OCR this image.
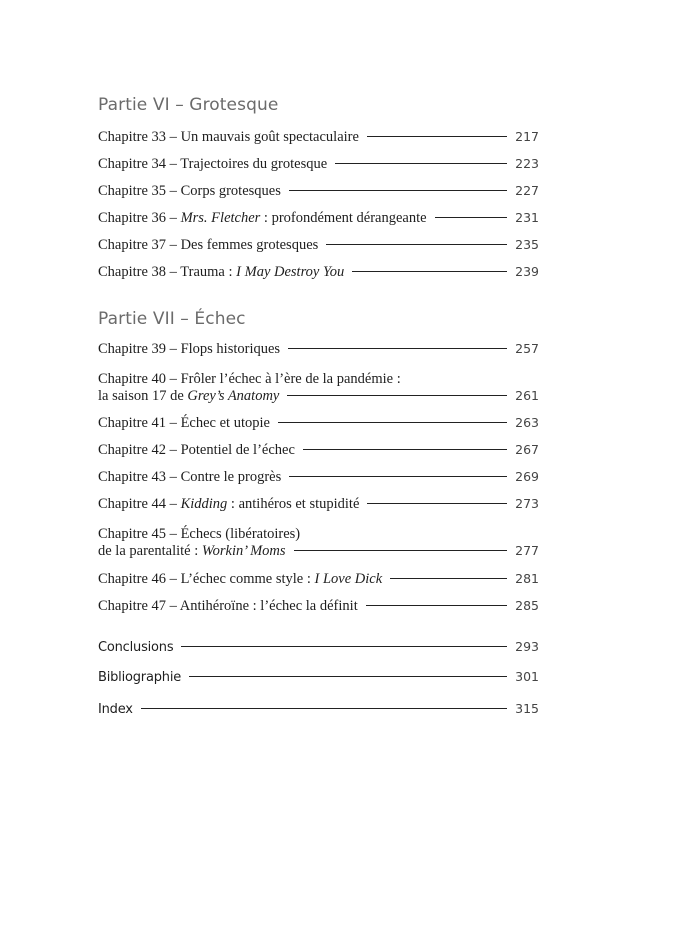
Partie VI – Grotesque
Chapitre 33 – Un mauvais goût spectaculaire	217
Chapitre 34 – Trajectoires du grotesque	223
Chapitre 35 – Corps grotesques	227
Chapitre 36 – Mrs. Fletcher : profondément dérangeante	231
Chapitre 37 – Des femmes grotesques	235
Chapitre 38 – Trauma : I May Destroy You	239
Partie VII – Échec
Chapitre 39 – Flops historiques	257
Chapitre 40 – Frôler l’échec à l’ère de la pandémie :
la saison 17 de Grey’s Anatomy	261
Chapitre 41 – Échec et utopie	263
Chapitre 42 – Potentiel de l’échec	267
Chapitre 43 – Contre le progrès	269
Chapitre 44 – Kidding : antihéros et stupidité	273
Chapitre 45 – Échecs (libératoires)
de la parentalité : Workin’ Moms	277
Chapitre 46 – L’échec comme style : I Love Dick	281
Chapitre 47 – Antihéroïne : l’échec la définit	285
Conclusions	293
Bibliographie	301
Index	315
